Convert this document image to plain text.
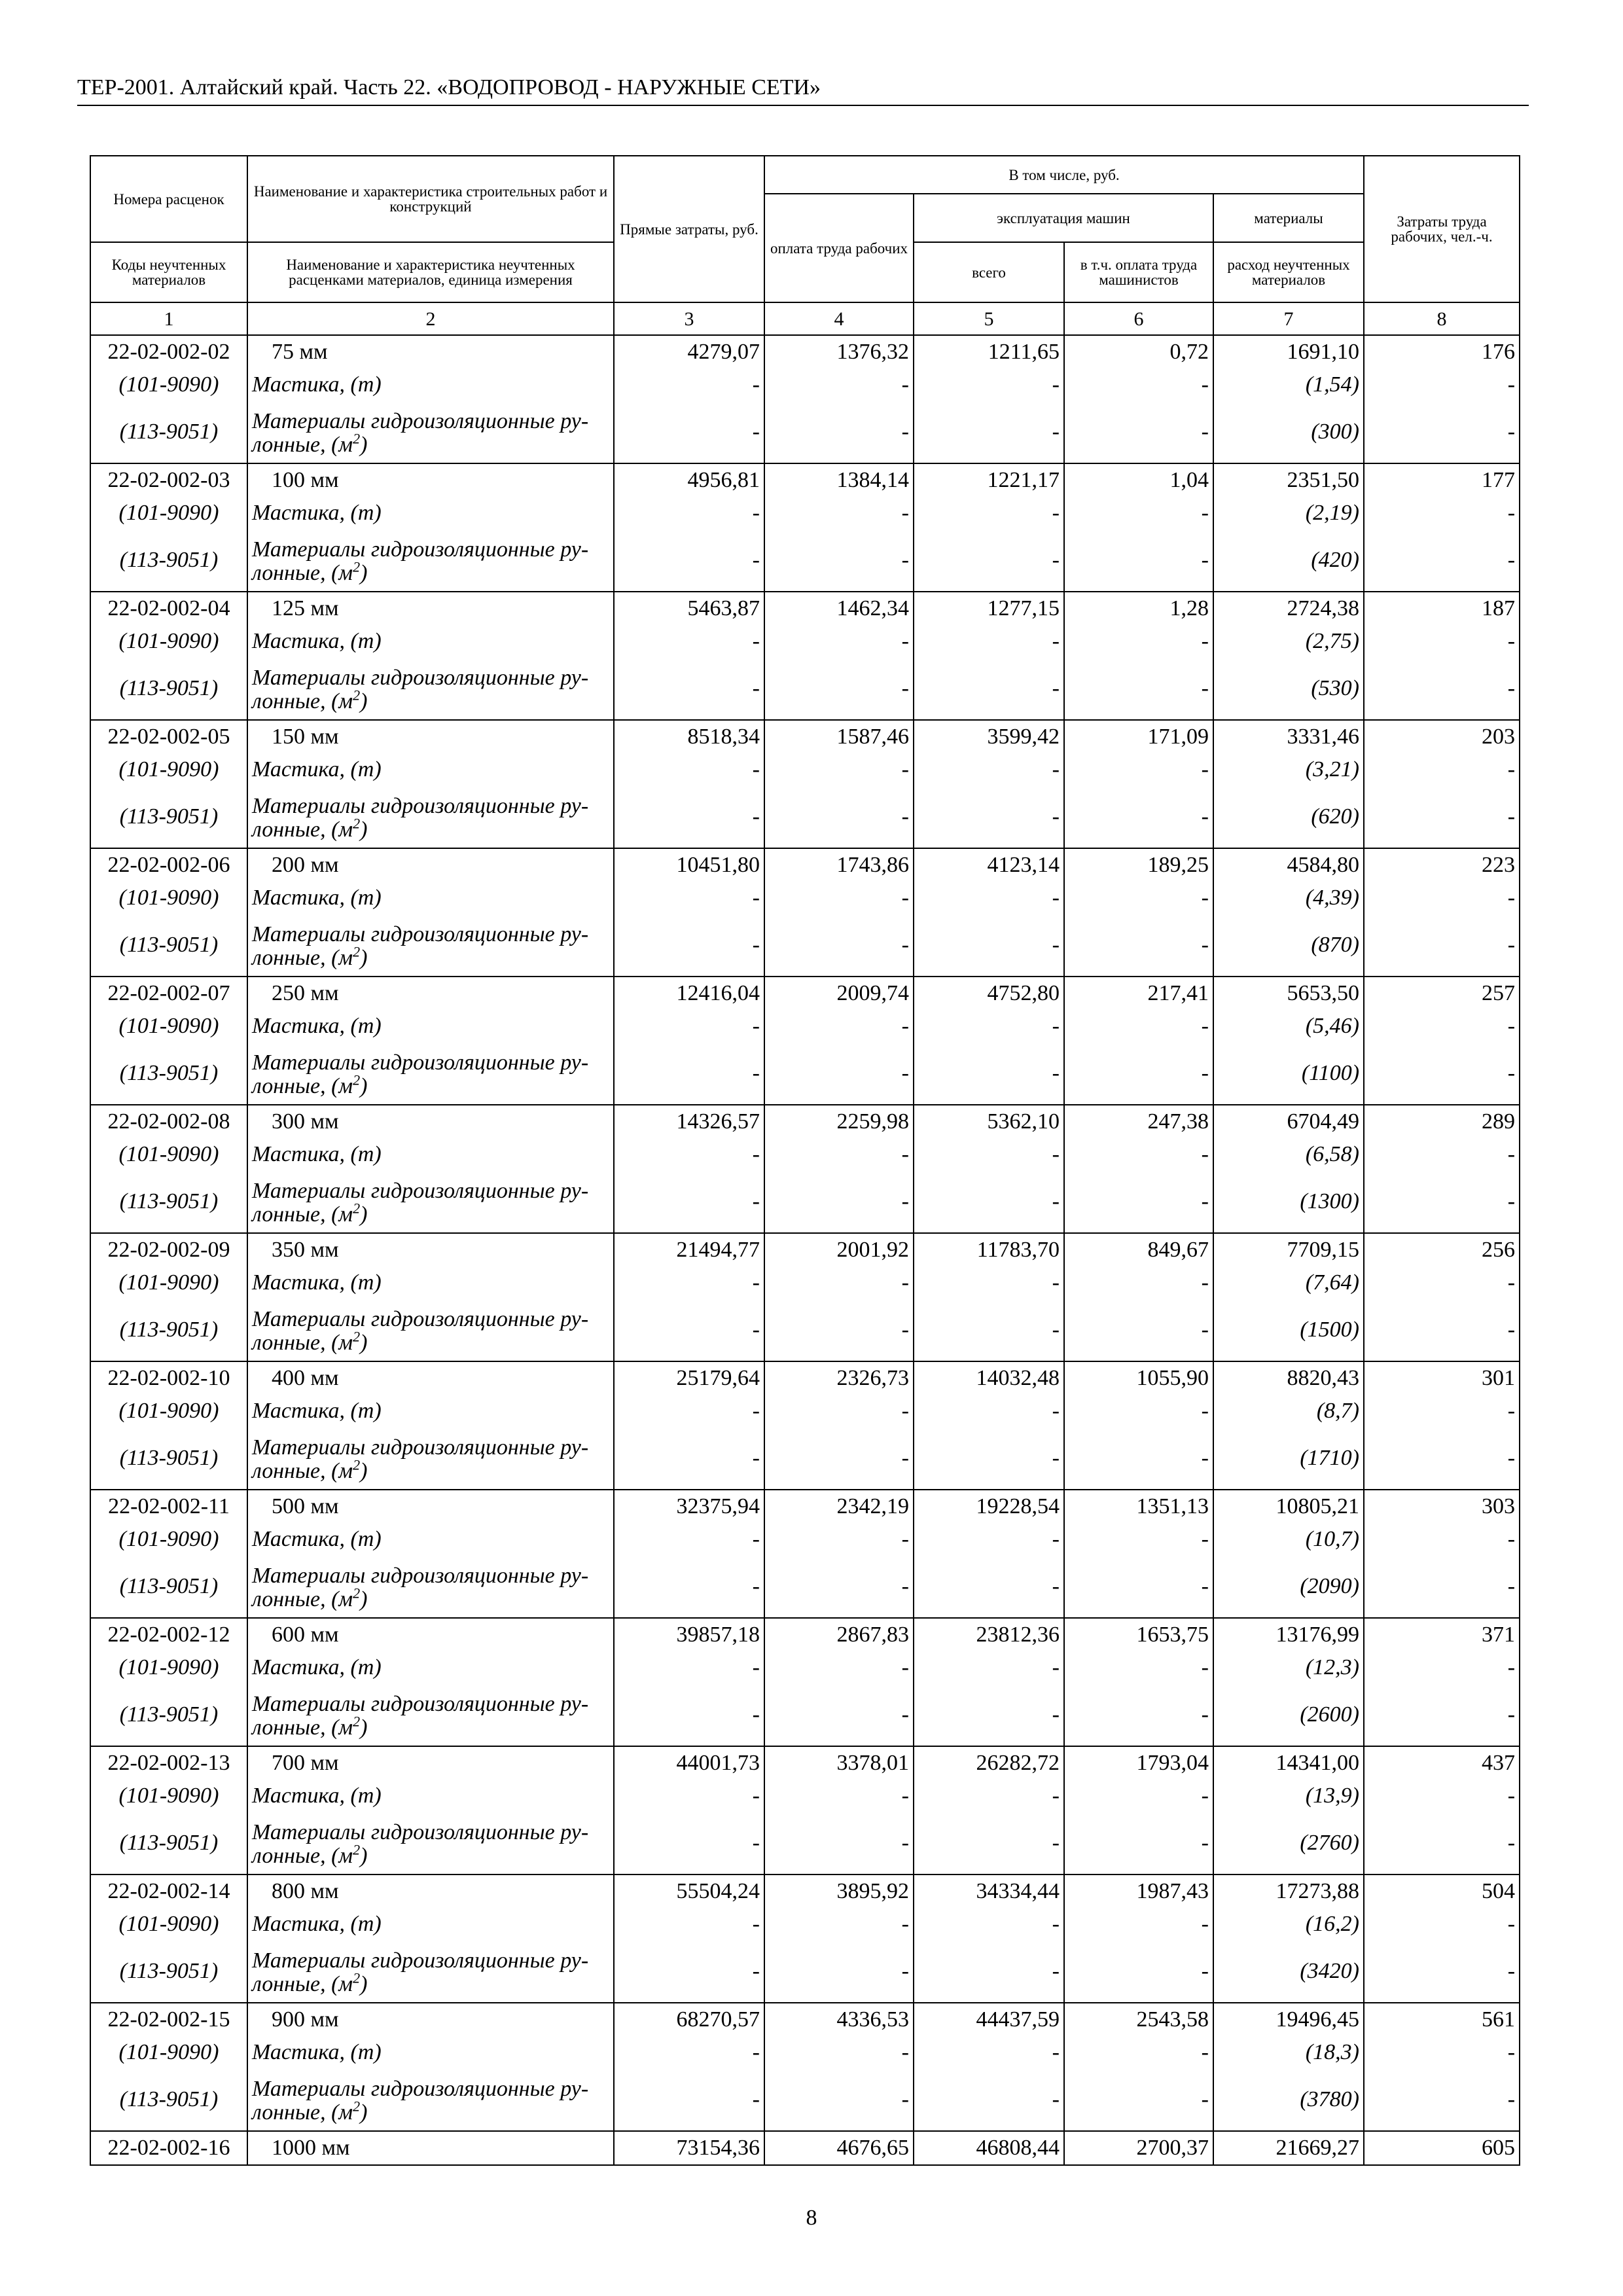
ТЕР-2001. Алтайский край. Часть 22. «ВОДОПРОВОД - НАРУЖНЫЕ СЕТИ»
Номера расценок	Наименование и характеристика строительных работ и конструкций	Прямые затраты, руб.	В том числе, руб.				Затраты труда рабочих, чел.-ч.
			оплата труда рабочих	эксплуатация машин		материалы	
Коды неучтенных материалов	Наименование и характеристика неучтенных расценками материалов, единица измерения			всего	в т.ч. оплата труда машинистов	расход неучтенных материалов	
1	2	3	4	5	6	7	8
22-02-002-02	75 мм	4279,07	1376,32	1211,65	0,72	1691,10	176
(101-9090)	Мастика, (т)	-	-	-	-	(1,54)	-
(113-9051)	Материалы гидроизоляционные ру-
лонные, $(м^2)$	-	-	-	-	(300)	-
22-02-002-03	100 мм	4956,81	1384,14	1221,17	1,04	2351,50	177
(101-9090)	Мастика, (т)	-	-	-	-	(2,19)	-
(113-9051)	Материалы гидроизоляционные ру-
лонные, $(м^2)$	-	-	-	-	(420)	-
22-02-002-04	125 мм	5463,87	1462,34	1277,15	1,28	2724,38	187
(101-9090)	Мастика, (т)	-	-	-	-	(2,75)	-
(113-9051)	Материалы гидроизоляционные ру-
лонные, $(м^2)$	-	-	-	-	(530)	-
22-02-002-05	150 мм	8518,34	1587,46	3599,42	171,09	3331,46	203
(101-9090)	Мастика, (т)	-	-	-	-	(3,21)	-
(113-9051)	Материалы гидроизоляционные ру-
лонные, $(м^2)$	-	-	-	-	(620)	-
22-02-002-06	200 мм	10451,80	1743,86	4123,14	189,25	4584,80	223
(101-9090)	Мастика, (т)	-	-	-	-	(4,39)	-
(113-9051)	Материалы гидроизоляционные ру-
лонные, $(м^2)$	-	-	-	-	(870)	-
22-02-002-07	250 мм	12416,04	2009,74	4752,80	217,41	5653,50	257
(101-9090)	Мастика, (т)	-	-	-	-	(5,46)	-
(113-9051)	Материалы гидроизоляционные ру-
лонные, $(м^2)$	-	-	-	-	(1100)	-
22-02-002-08	300 мм	14326,57	2259,98	5362,10	247,38	6704,49	289
(101-9090)	Мастика, (т)	-	-	-	-	(6,58)	-
(113-9051)	Материалы гидроизоляционные ру-
лонные, $(м^2)$	-	-	-	-	(1300)	-
22-02-002-09	350 мм	21494,77	2001,92	11783,70	849,67	7709,15	256
(101-9090)	Мастика, (т)	-	-	-	-	(7,64)	-
(113-9051)	Материалы гидроизоляционные ру-
лонные, $(м^2)$	-	-	-	-	(1500)	-
22-02-002-10	400 мм	25179,64	2326,73	14032,48	1055,90	8820,43	301
(101-9090)	Мастика, (т)	-	-	-	-	(8,7)	-
(113-9051)	Материалы гидроизоляционные ру-
лонные, $(м^2)$	-	-	-	-	(1710)	-
22-02-002-11	500 мм	32375,94	2342,19	19228,54	1351,13	10805,21	303
(101-9090)	Мастика, (т)	-	-	-	-	(10,7)	-
(113-9051)	Материалы гидроизоляционные ру-
лонные, $(м^2)$	-	-	-	-	(2090)	-
22-02-002-12	600 мм	39857,18	2867,83	23812,36	1653,75	13176,99	371
(101-9090)	Мастика, (т)	-	-	-	-	(12,3)	-
(113-9051)	Материалы гидроизоляционные ру-
лонные, $(м^2)$	-	-	-	-	(2600)	-
22-02-002-13	700 мм	44001,73	3378,01	26282,72	1793,04	14341,00	437
(101-9090)	Мастика, (т)	-	-	-	-	(13,9)	-
(113-9051)	Материалы гидроизоляционные ру-
лонные, $(м^2)$	-	-	-	-	(2760)	-
22-02-002-14	800 мм	55504,24	3895,92	34334,44	1987,43	17273,88	504
(101-9090)	Мастика, (т)	-	-	-	-	(16,2)	-
(113-9051)	Материалы гидроизоляционные ру-
лонные, $(м^2)$	-	-	-	-	(3420)	-
22-02-002-15	900 мм	68270,57	4336,53	44437,59	2543,58	19496,45	561
(101-9090)	Мастика, (т)	-	-	-	-	(18,3)	-
(113-9051)	Материалы гидроизоляционные ру-
лонные, $(м^2)$	-	-	-	-	(3780)	-
22-02-002-16	1000 мм	73154,36	4676,65	46808,44	2700,37	21669,27	605
8
